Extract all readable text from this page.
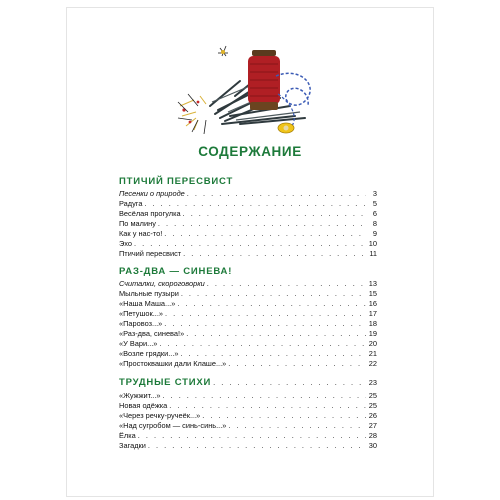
СОДЕРЖАНИЕ
ПТИЧИЙ ПЕРЕСВИСТ
Песенки о природе . . .	3
Радуга . . .	5
Весёлая прогулка . . .	6
По малину . . .	8
Как у нас-то! . . .	9
Эхо . . .	10
Птичий пересвист . . .	11
РАЗ-ДВА — СИНЕВА!
Считалки, скороговорки . . .	13
Мыльные пузыри . . .	15
«Наша Маша...» . . .	16
«Петушок...» . . .	17
«Паровоз...» . . .	18
«Раз-два, синева!» . . .	19
«У Вари...» . . .	20
«Возле грядки...» . . .	21
«Простоквашки дали Клаше...» . . .	22
ТРУДНЫЕ СТИХИ . . .	23
«Жужжит...» . . .	25
Новая одёжка . . .	25
«Через речку-ручеёк...» . . .	26
«Над сугробом — синь-синь...» . . .	27
Ёлка . . .	28
Загадки . . .	30
